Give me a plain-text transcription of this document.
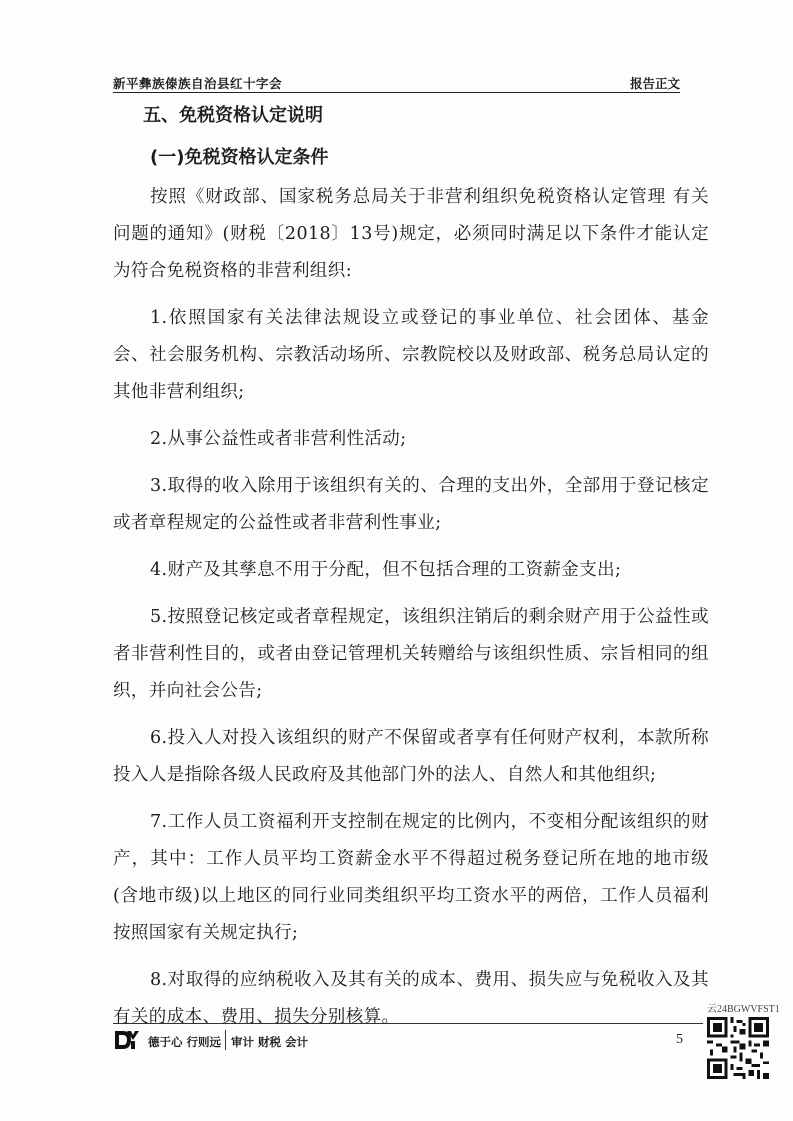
新平彝族傣族自治县红十字会	报告正文
五、免税资格认定说明
(一)免税资格认定条件

按照《财政部、国家税务总局关于非营利组织免税资格认定管理 有关问题的通知》(财税〔2018〕13号)规定，必须同时满足以下条件才能认定为符合免税资格的非营利组织:

1.依照国家有关法律法规设立或登记的事业单位、社会团体、基金 会、社会服务机构、宗教活动场所、宗教院校以及财政部、税务总局认定的其他非营利组织;

2.从事公益性或者非营利性活动;

3.取得的收入除用于该组织有关的、合理的支出外，全部用于登记核定或者章程规定的公益性或者非营利性事业;

4.财产及其孳息不用于分配，但不包括合理的工资薪金支出;

5.按照登记核定或者章程规定，该组织注销后的剩余财产用于公益性或者非营利性目的，或者由登记管理机关转赠给与该组织性质、宗旨相同的组织，并向社会公告;

6.投入人对投入该组织的财产不保留或者享有任何财产权利，本款所称投入人是指除各级人民政府及其他部门外的法人、自然人和其他组织;

7.工作人员工资福利开支控制在规定的比例内，不变相分配该组织的财产，其中：工作人员平均工资薪金水平不得超过税务登记所在地的地市级(含地市级)以上地区的同行业同类组织平均工资水平的两倍，工作人员福利按照国家有关规定执行;

8.对取得的应纳税收入及其有关的成本、费用、损失应与免税收入及其有关的成本、费用、损失分别核算。	云24BGWVFST1
德于心 行则远 审计 财税 会计	5
